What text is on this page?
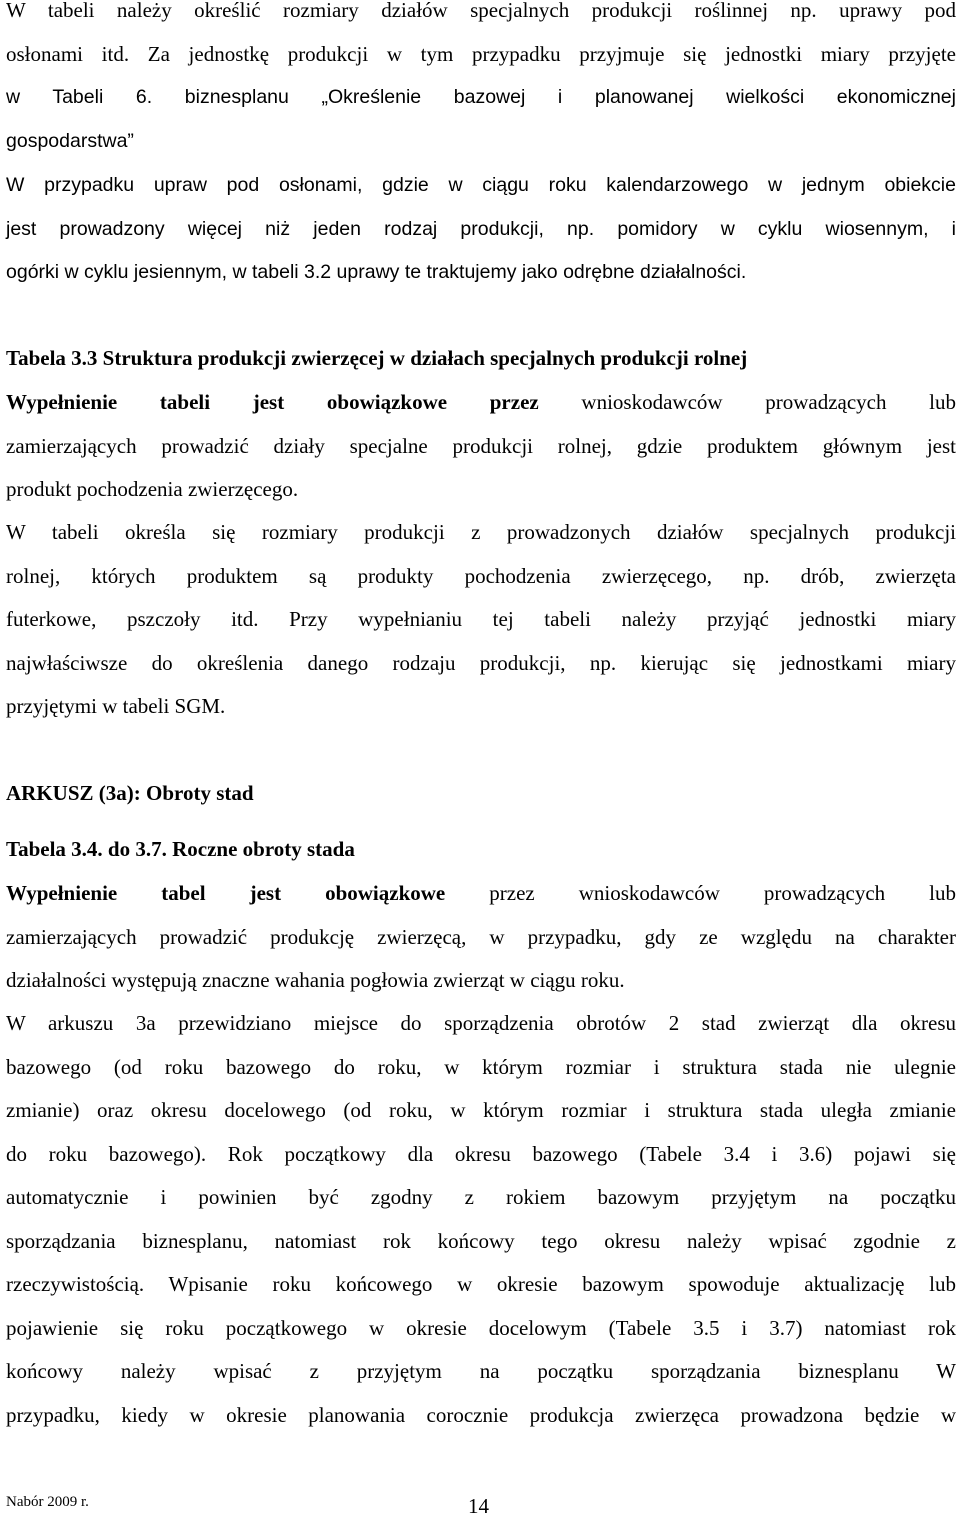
W tabeli należy określić rozmiary działów specjalnych produkcji roślinnej np. uprawy pod
osłonami itd. Za jednostkę produkcji w tym przypadku przyjmuje się jednostki miary przyjęte
w Tabeli 6. biznesplanu „Określenie bazowej i planowanej wielkości ekonomicznej
gospodarstwa”
W przypadku upraw pod osłonami, gdzie w ciągu roku kalendarzowego w jednym obiekcie
jest prowadzony więcej niż jeden rodzaj produkcji, np. pomidory w cyklu wiosennym, i
ogórki w cyklu jesiennym, w tabeli 3.2 uprawy te traktujemy jako odrębne działalności.
Tabela 3.3 Struktura produkcji zwierzęcej w działach specjalnych produkcji rolnej
Wypełnienie tabeli jest obowiązkowe przez wnioskodawców prowadzących lub
zamierzających prowadzić działy specjalne produkcji rolnej, gdzie produktem głównym jest
produkt pochodzenia zwierzęcego.
W tabeli określa się rozmiary produkcji z prowadzonych działów specjalnych produkcji
rolnej, których produktem są produkty pochodzenia zwierzęcego, np. drób, zwierzęta
futerkowe, pszczoły itd. Przy wypełnianiu tej tabeli należy przyjąć jednostki miary
najwłaściwsze do określenia danego rodzaju produkcji, np. kierując się jednostkami miary
przyjętymi w tabeli SGM.
ARKUSZ (3a): Obroty stad
Tabela 3.4. do 3.7. Roczne obroty stada
Wypełnienie tabel jest obowiązkowe przez wnioskodawców prowadzących lub
zamierzających prowadzić produkcję zwierzęcą, w przypadku, gdy ze względu na charakter
działalności występują znaczne wahania pogłowia zwierząt w ciągu roku.
W arkuszu 3a przewidziano miejsce do sporządzenia obrotów 2 stad zwierząt dla okresu
bazowego (od roku bazowego do roku, w którym rozmiar i struktura stada nie ulegnie
zmianie) oraz okresu docelowego (od roku, w którym rozmiar i struktura stada uległa zmianie
do roku bazowego). Rok początkowy dla okresu bazowego (Tabele 3.4 i 3.6) pojawi się
automatycznie i powinien być zgodny z rokiem bazowym przyjętym na początku
sporządzania biznesplanu, natomiast rok końcowy tego okresu należy wpisać zgodnie z
rzeczywistością. Wpisanie roku końcowego w okresie bazowym spowoduje aktualizację lub
pojawienie się roku początkowego w okresie docelowym (Tabele 3.5 i 3.7) natomiast rok
końcowy należy wpisać z przyjętym na początku sporządzania biznesplanu W
przypadku, kiedy w okresie planowania corocznie produkcja zwierzęca prowadzona będzie w
Nabór 2009 r.	14
